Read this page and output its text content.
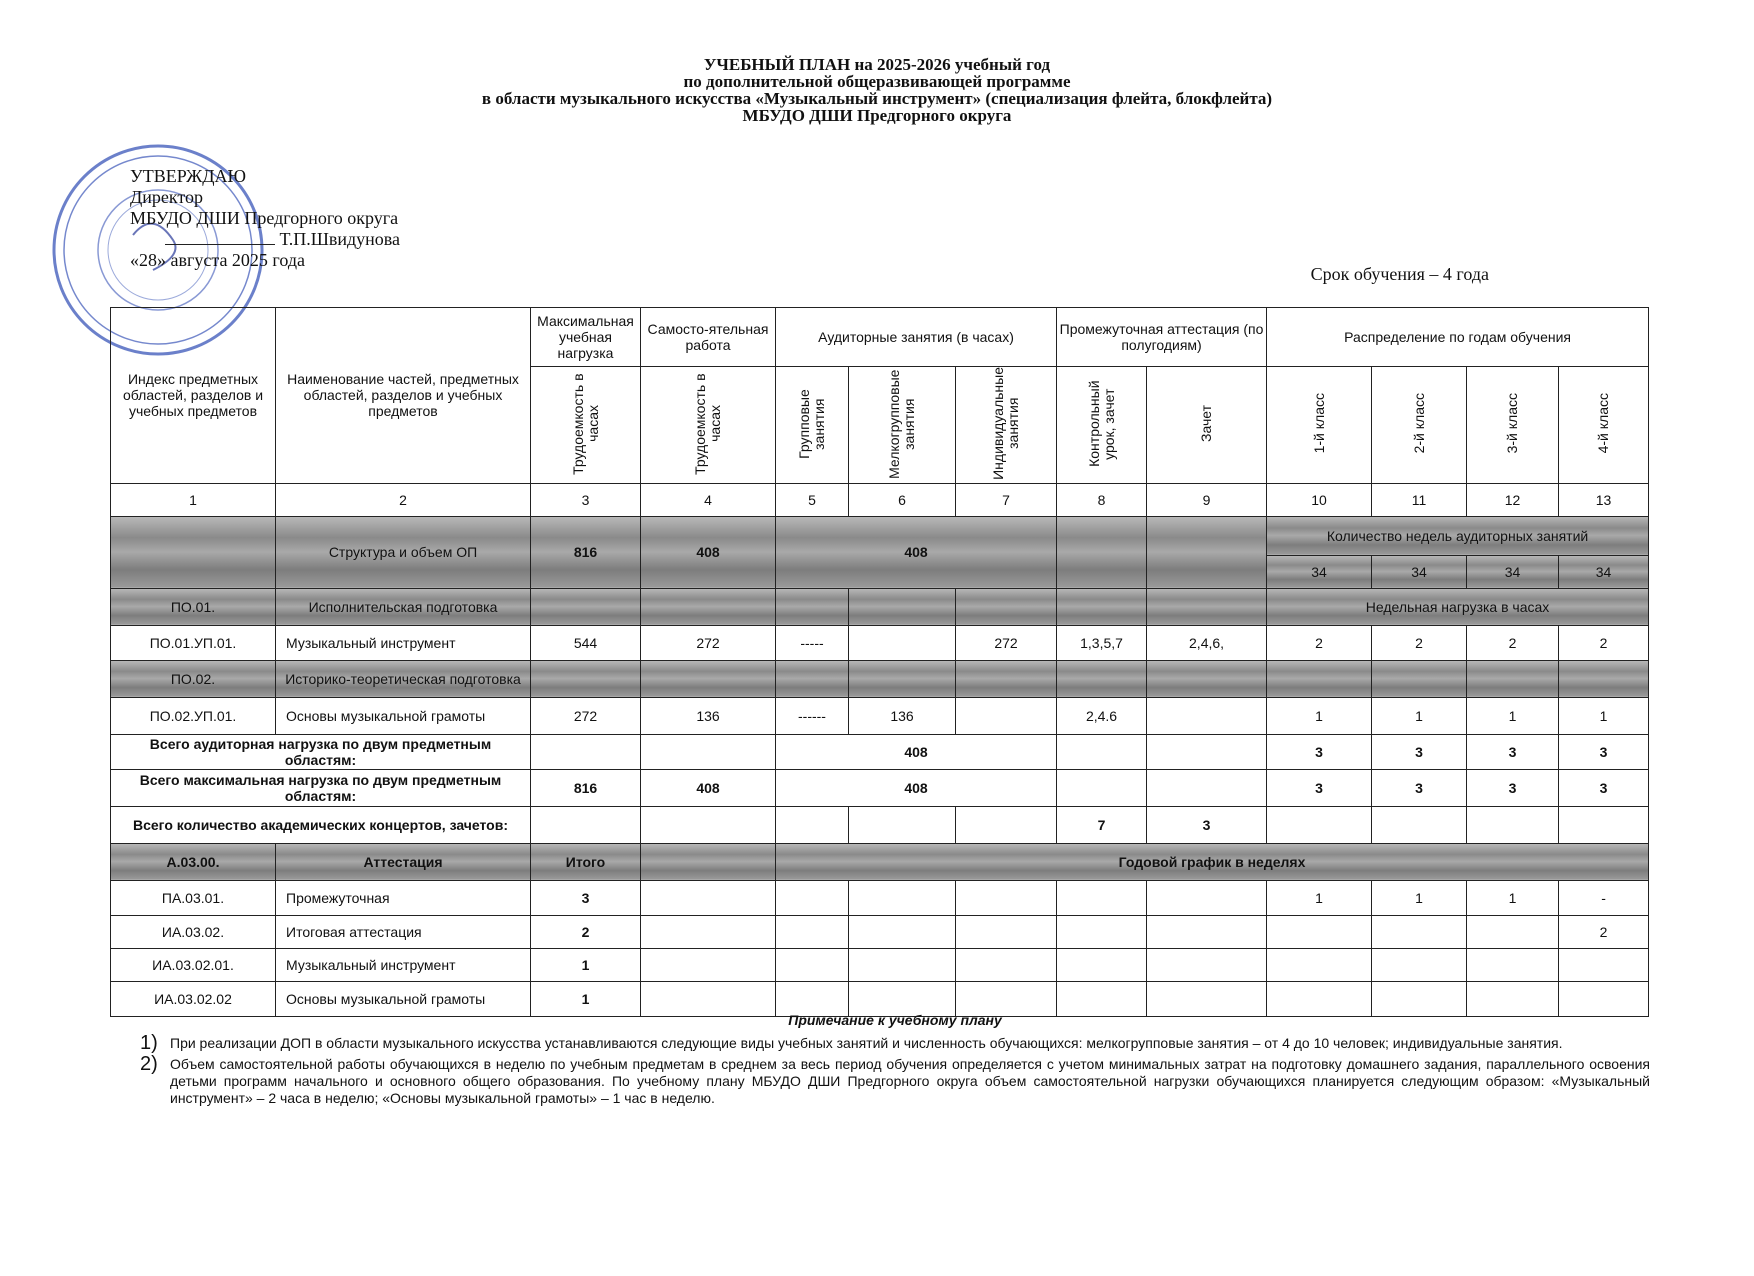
УЧЕБНЫЙ ПЛАН на 2025-2026 учебный год
по дополнительной общеразвивающей программе
в области музыкального искусства «Музыкальный инструмент» (специализация флейта, блокфлейта)
МБУДО ДШИ Предгорного округа
УТВЕРЖДАЮ
Директор
МБУДО ДШИ Предгорного округа
Т.П.Швидунова
«28» августа 2025 года
Срок обучения – 4 года
Индекс предметных областей, разделов и учебных предметов	Наименование частей, предметных областей, разделов и учебных предметов	Максимальная учебная нагрузка	Самосто-ятельная работа	Аудиторные занятия (в часах)			Промежуточная аттестация (по полугодиям)		Распределение по годам обучения			
		Трудоемкость в часах	Трудоемкость в часах	Групповые занятия	Мелкогрупповые занятия	Индивидуальные занятия	Контрольный урок, зачет	Зачет	1-й класс	2-й класс	3-й класс	4-й класс
1	2	3	4	5	6	7	8	9	10	11	12	13
	Структура и объем ОП	816	408	408					Количество недель аудиторных занятий			
									34	34	34	34
ПО.01.	Исполнительская подготовка								Недельная нагрузка в часах			
ПО.01.УП.01.	Музыкальный инструмент	544	272	-----		272	1,3,5,7	2,4,6,	2	2	2	2
ПО.02.	Историко-теоретическая подготовка											
ПО.02.УП.01.	Основы музыкальной грамоты	272	136	------	136		2,4.6		1	1	1	1
Всего аудиторная нагрузка по двум предметным областям:				408					3	3	3	3
Всего максимальная нагрузка по двум предметным областям:		816	408	408					3	3	3	3
Всего количество академических концертов, зачетов:							7	3				
А.03.00.	Аттестация	Итого		Годовой график в неделях								
ПА.03.01.	Промежуточная	3							1	1	1	-
ИА.03.02.	Итоговая аттестация	2										2
ИА.03.02.01.	Музыкальный инструмент	1										
ИА.03.02.02	Основы музыкальной грамоты	1										
Примечание к учебному плану
1) При реализации ДОП в области музыкального искусства устанавливаются следующие виды учебных занятий и численность обучающихся: мелкогрупповые занятия – от 4 до 10 человек; индивидуальные занятия.
2) Объем самостоятельной работы обучающихся в неделю по учебным предметам в среднем за весь период обучения определяется с учетом минимальных затрат на подготовку домашнего задания, параллельного освоения детьми программ начального и основного общего образования. По учебному плану МБУДО ДШИ Предгорного округа объем самостоятельной нагрузки обучающихся планируется следующим образом: «Музыкальный инструмент» – 2 часа в неделю; «Основы музыкальной грамоты» – 1 час в неделю.
